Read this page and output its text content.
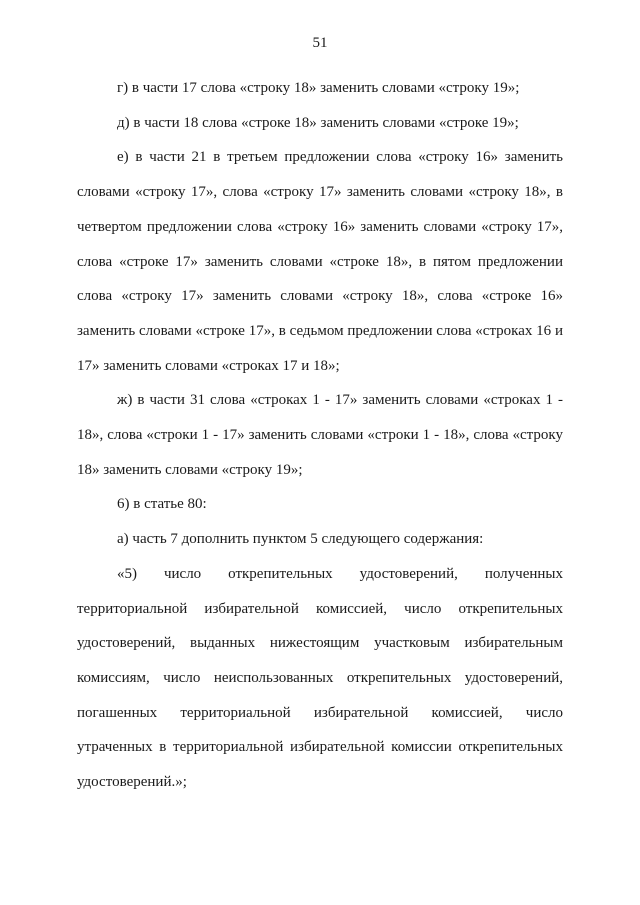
51

г) в части 17 слова «строку 18» заменить словами «строку 19»;

д) в части 18 слова «строке 18» заменить словами «строке 19»;

е) в части 21 в третьем предложении слова «строку 16» заменить словами «строку 17», слова «строку 17» заменить словами «строку 18», в четвертом предложении слова «строку 16» заменить словами «строку 17», слова «строке 17» заменить словами «строке 18», в пятом предложении слова «строку 17» заменить словами «строку 18», слова «строке 16» заменить словами «строке 17», в седьмом предложении слова «строках 16 и 17» заменить словами «строках 17 и 18»;

ж) в части 31 слова «строках 1 - 17» заменить словами «строках 1 - 18», слова «строки 1 - 17» заменить словами «строки 1 - 18», слова «строку 18» заменить словами «строку 19»;

6) в статье 80:

а) часть 7 дополнить пунктом 5 следующего содержания:

«5) число открепительных удостоверений, полученных территориальной избирательной комиссией, число открепительных удостоверений, выданных нижестоящим участковым избирательным комиссиям, число неиспользованных открепительных удостоверений, погашенных территориальной избирательной комиссией, число утраченных в территориальной избирательной комиссии открепительных удостоверений.»;
